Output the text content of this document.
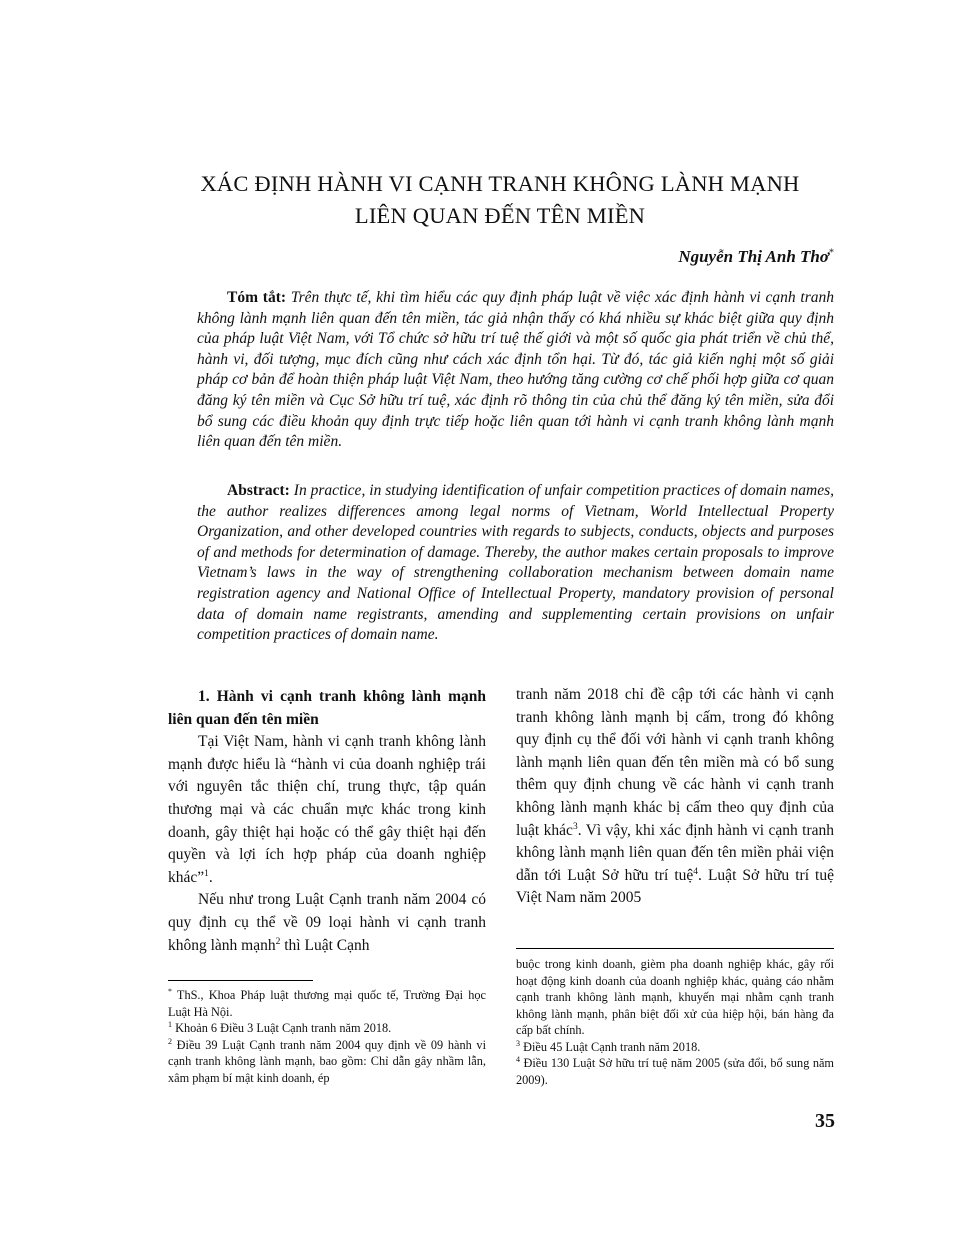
XÁC ĐỊNH HÀNH VI CẠNH TRANH KHÔNG LÀNH MẠNH
LIÊN QUAN ĐẾN TÊN MIỀN
Nguyễn Thị Anh Thơ*
Tóm tắt: Trên thực tế, khi tìm hiểu các quy định pháp luật về việc xác định hành vi cạnh tranh không lành mạnh liên quan đến tên miền, tác giả nhận thấy có khá nhiều sự khác biệt giữa quy định của pháp luật Việt Nam, với Tổ chức sở hữu trí tuệ thế giới và một số quốc gia phát triển về chủ thể, hành vi, đối tượng, mục đích cũng như cách xác định tổn hại. Từ đó, tác giả kiến nghị một số giải pháp cơ bản để hoàn thiện pháp luật Việt Nam, theo hướng tăng cường cơ chế phối hợp giữa cơ quan đăng ký tên miền và Cục Sở hữu trí tuệ, xác định rõ thông tin của chủ thể đăng ký tên miền, sửa đổi bổ sung các điều khoản quy định trực tiếp hoặc liên quan tới hành vi cạnh tranh không lành mạnh liên quan đến tên miền.
Abstract: In practice, in studying identification of unfair competition practices of domain names, the author realizes differences among legal norms of Vietnam, World Intellectual Property Organization, and other developed countries with regards to subjects, conducts, objects and purposes of and methods for determination of damage. Thereby, the author makes certain proposals to improve Vietnam’s laws in the way of strengthening collaboration mechanism between domain name registration agency and National Office of Intellectual Property, mandatory provision of personal data of domain name registrants, amending and supplementing certain provisions on unfair competition practices of domain name.

1. Hành vi cạnh tranh không lành mạnh liên quan đến tên miền

Tại Việt Nam, hành vi cạnh tranh không lành mạnh được hiểu là “hành vi của doanh nghiệp trái với nguyên tắc thiện chí, trung thực, tập quán thương mại và các chuẩn mực khác trong kinh doanh, gây thiệt hại hoặc có thể gây thiệt hại đến quyền và lợi ích hợp pháp của doanh nghiệp khác”$^1$.

Nếu như trong Luật Cạnh tranh năm 2004 có quy định cụ thể về 09 loại hành vi cạnh tranh không lành mạnh$^2$ thì Luật Cạnh

tranh năm 2018 chỉ đề cập tới các hành vi cạnh tranh không lành mạnh bị cấm, trong đó không quy định cụ thể đối với hành vi cạnh tranh không lành mạnh liên quan đến tên miền mà có bổ sung thêm quy định chung về các hành vi cạnh tranh không lành mạnh khác bị cấm theo quy định của luật khác$^3$. Vì vậy, khi xác định hành vi cạnh tranh không lành mạnh liên quan đến tên miền phải viện dẫn tới Luật Sở hữu trí tuệ$^4$. Luật Sở hữu trí tuệ Việt Nam năm 2005

* ThS., Khoa Pháp luật thương mại quốc tế, Trường Đại học Luật Hà Nội.

$^1$ Khoản 6 Điều 3 Luật Cạnh tranh năm 2018.

$^2$ Điều 39 Luật Cạnh tranh năm 2004 quy định về 09 hành vi cạnh tranh không lành mạnh, bao gồm: Chỉ dẫn gây nhầm lẫn, xâm phạm bí mật kinh doanh, ép

buộc trong kinh doanh, gièm pha doanh nghiệp khác, gây rối hoạt động kinh doanh của doanh nghiệp khác, quảng cáo nhằm cạnh tranh không lành mạnh, khuyến mại nhằm cạnh tranh không lành mạnh, phân biệt đối xử của hiệp hội, bán hàng đa cấp bất chính.

$^3$ Điều 45 Luật Cạnh tranh năm 2018.

$^4$ Điều 130 Luật Sở hữu trí tuệ năm 2005 (sửa đổi, bổ sung năm 2009).

35
